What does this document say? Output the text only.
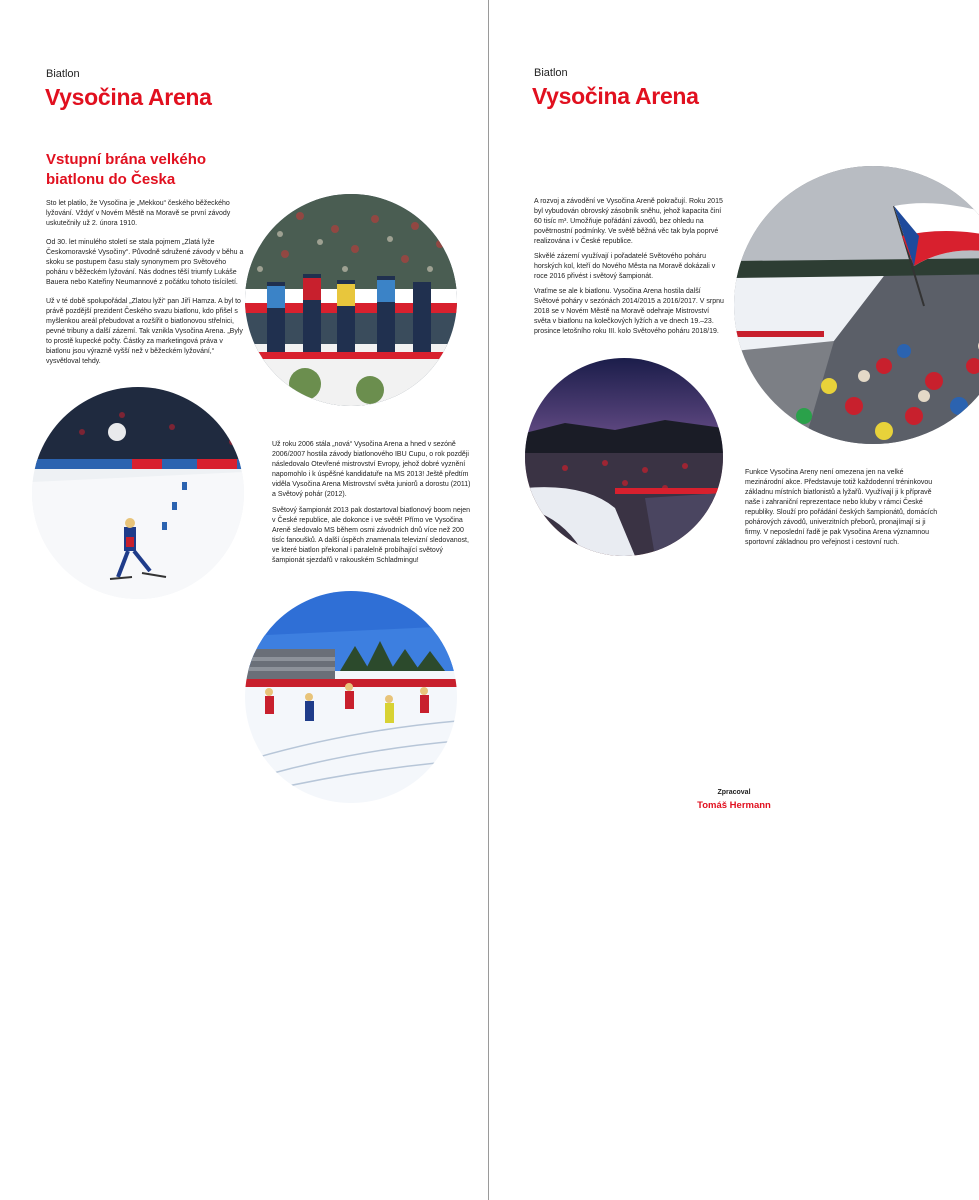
Biatlon
Vysočina Arena
Vstupní brána velkého
biatlonu do Česka

Sto let platilo, že Vysočina je „Mekkou“ českého běžeckého lyžování. Vždyť v Novém Městě na Moravě se první závody uskutečnily už 2. února 1910.

Od 30. let minulého století se stala pojmem „Zlatá lyže Českomoravské Vysočiny“. Původně sdružené závody v běhu a skoku se postupem času staly synonymem pro Světového poháru v běžeckém lyžování. Nás dodnes těší triumfy Lukáše Bauera nebo Kateřiny Neumannové z počátku tohoto tisíciletí.

Už v té době spolupořádal „Zlatou lyži“ pan Jiří Hamza. A byl to právě pozdější prezident Českého svazu biatlonu, kdo přišel s myšlenkou areál přebudovat a rozšířit o biatlonovou střelnici, pevné tribuny a další zázemí. Tak vznikla Vysočina Arena. „Byly to prostě kupecké počty. Částky za marketingová práva v biatlonu jsou výrazně vyšší než v běžeckém lyžování,“ vysvětloval tehdy.

Už roku 2006 stála „nová“ Vysočina Arena a hned v sezóně 2006/2007 hostila závody biatlonového IBU Cupu, o rok později následovalo Otevřené mistrovství Evropy, jehož dobré vyznění napomohlo i k úspěšné kandidatuře na MS 2013! Ještě předtím viděla Vysočina Arena Mistrovství světa juniorů a dorostu (2011) a Světový pohár (2012).

Světový šampionát 2013 pak dostartoval biatlonový boom nejen v České republice, ale dokonce i ve světě! Přímo ve Vysočina Areně sledovalo MS během osmi závodních dnů více než 200 tisíc fanoušků. A další úspěch znamenala televizní sledovanost, ve které biatlon překonal i paralelně probíhající světový šampionát sjezdařů v rakouském Schladmingu!

Biatlon
Vysočina Arena

A rozvoj a závodění ve Vysočina Areně pokračují. Roku 2015 byl vybudován obrovský zásobník sněhu, jehož kapacita činí 60 tisíc m³. Umožňuje pořádání závodů, bez ohledu na povětrnostní podmínky. Ve světě běžná věc tak byla poprvé realizována i v České republice.

Skvělé zázemí využívají i pořadatelé Světového poháru horských kol, kteří do Nového Města na Moravě dokázali v roce 2016 přivést i světový šampionát.

Vraťme se ale k biatlonu. Vysočina Arena hostila další Světové poháry v sezónách 2014/2015 a 2016/2017. V srpnu 2018 se v Novém Městě na Moravě odehraje Mistrovství světa v biatlonu na kolečkových lyžích a ve dnech 19.–23. prosince letošního roku III. kolo Světového poháru 2018/19.

Funkce Vysočina Areny není omezena jen na velké mezinárodní akce. Představuje totiž každodenní tréninkovou základnu místních biatlonistů a lyžařů. Využívají ji k přípravě naše i zahraniční reprezentace nebo kluby v rámci České republiky. Slouží pro pořádání českých šampionátů, domácích pohárových závodů, univerzitních přeborů, pronajímají si ji firmy. V neposlední řadě je pak Vysočina Arena významnou sportovní základnou pro veřejnost i cestovní ruch.

Zpracoval
Tomáš Hermann
